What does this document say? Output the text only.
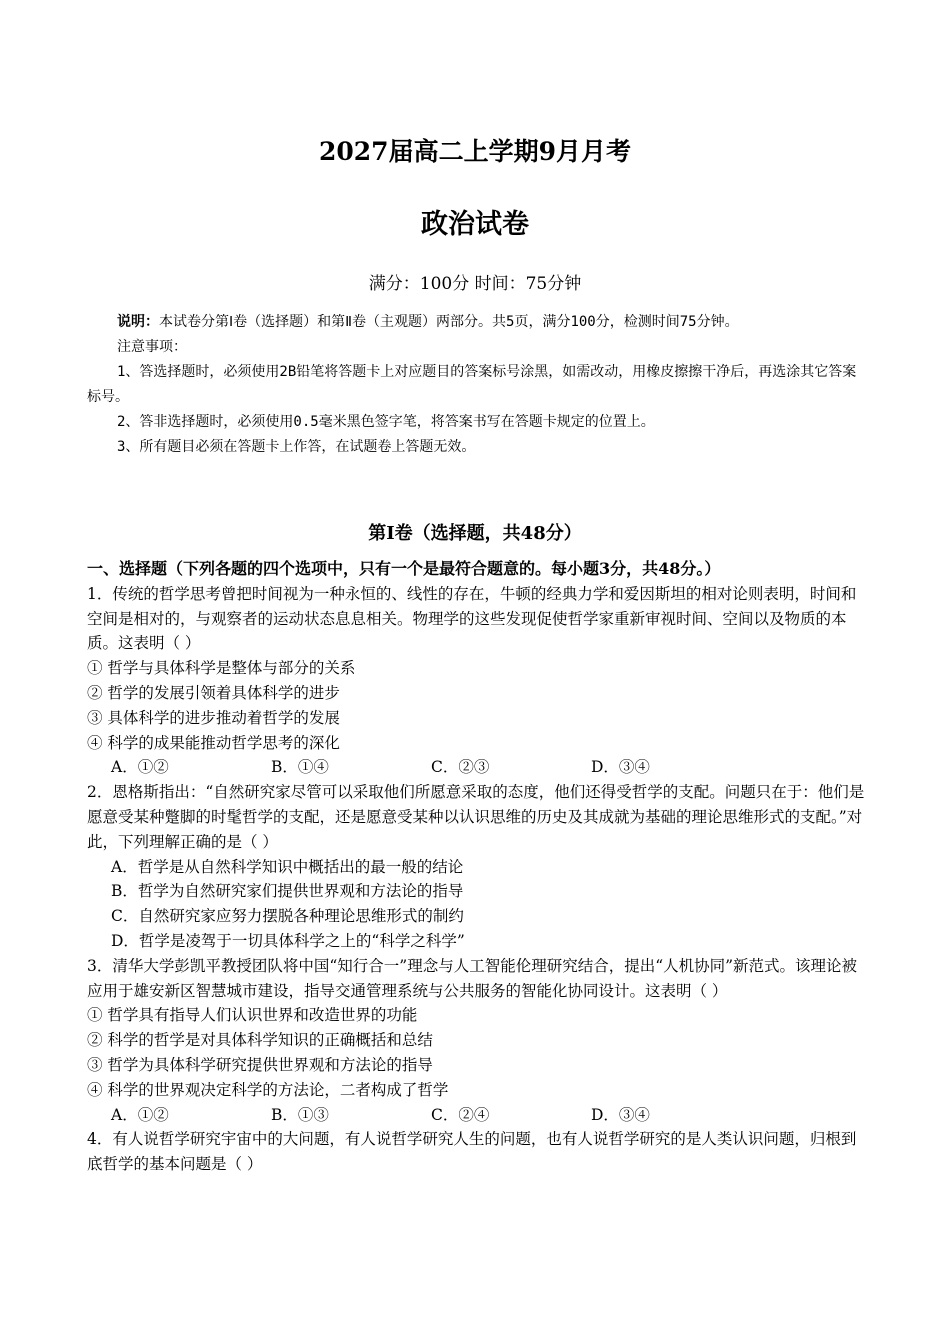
2027届高二上学期9月月考
政治试卷
满分：100分 时间：75分钟

说明：本试卷分第Ⅰ卷（选择题）和第Ⅱ卷（主观题）两部分。共5页，满分100分，检测时间75分钟。

注意事项：

1、答选择题时，必须使用2B铅笔将答题卡上对应题目的答案标号涂黑，如需改动，用橡皮擦擦干净后，再选涂其它答案标号。

2、答非选择题时，必须使用0.5毫米黑色签字笔，将答案书写在答题卡规定的位置上。

3、所有题目必须在答题卡上作答，在试题卷上答题无效。

第Ⅰ卷（选择题，共48分）

一、选择题（下列各题的四个选项中，只有一个是最符合题意的。每小题3分，共48分。）

1．传统的哲学思考曾把时间视为一种永恒的、线性的存在，牛顿的经典力学和爱因斯坦的相对论则表明，时间和空间是相对的，与观察者的运动状态息息相关。物理学的这些发现促使哲学家重新审视时间、空间以及物质的本质。这表明（ ）

① 哲学与具体科学是整体与部分的关系

② 哲学的发展引领着具体科学的进步

③ 具体科学的进步推动着哲学的发展

④ 科学的成果能推动哲学思考的深化

A．①②	B．①④	C．②③	D．③④

2．恩格斯指出：“自然研究家尽管可以采取他们所愿意采取的态度，他们还得受哲学的支配。问题只在于：他们是愿意受某种蹩脚的时髦哲学的支配，还是愿意受某种以认识思维的历史及其成就为基础的理论思维形式的支配。”对此，下列理解正确的是（ ）

A．哲学是从自然科学知识中概括出的最一般的结论

B．哲学为自然研究家们提供世界观和方法论的指导

C．自然研究家应努力摆脱各种理论思维形式的制约

D．哲学是凌驾于一切具体科学之上的“科学之科学”

3．清华大学彭凯平教授团队将中国“知行合一”理念与人工智能伦理研究结合，提出“人机协同”新范式。该理论被应用于雄安新区智慧城市建设，指导交通管理系统与公共服务的智能化协同设计。这表明（ ）

① 哲学具有指导人们认识世界和改造世界的功能

② 科学的哲学是对具体科学知识的正确概括和总结

③ 哲学为具体科学研究提供世界观和方法论的指导

④ 科学的世界观决定科学的方法论，二者构成了哲学

A．①②	B．①③	C．②④	D．③④

4．有人说哲学研究宇宙中的大问题，有人说哲学研究人生的问题，也有人说哲学研究的是人类认识问题，归根到底哲学的基本问题是（ ）
